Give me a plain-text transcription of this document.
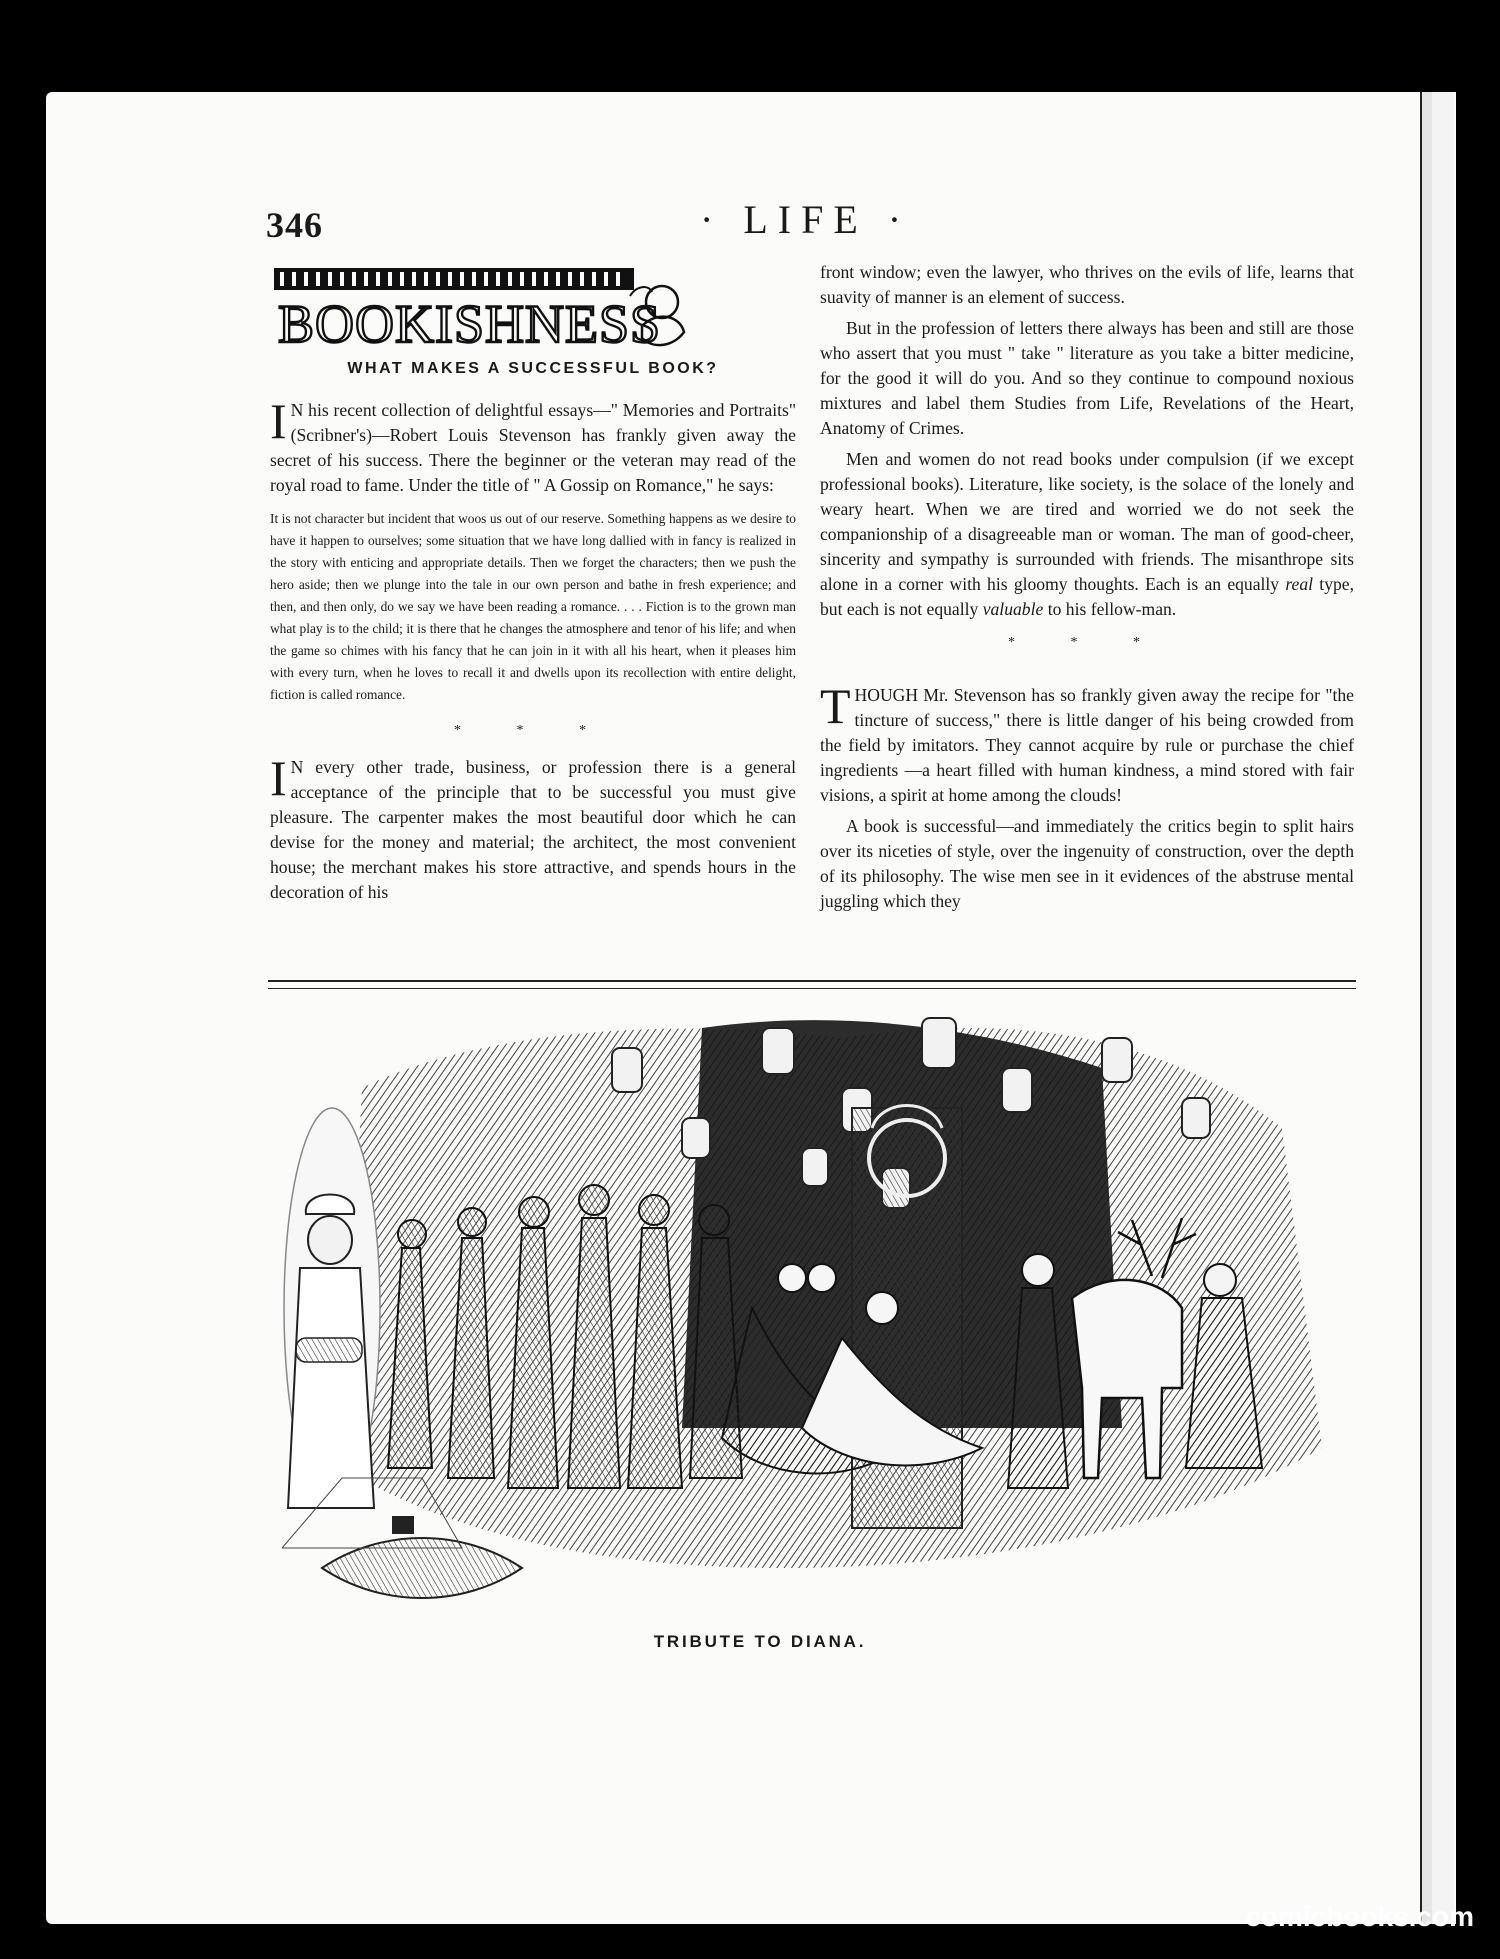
346	· LIFE ·
BOOKISHNESS
WHAT MAKES A SUCCESSFUL BOOK?

I N his recent collection of delightful essays—" Memories and Portraits" (Scribner's)—Robert Louis Stevenson has frankly given away the secret of his success. There the beginner or the veteran may read of the royal road to fame. Under the title of " A Gossip on Romance," he says:

It is not character but incident that woos us out of our reserve. Something happens as we desire to have it happen to ourselves; some situation that we have long dallied with in fancy is realized in the story with enticing and appropriate details. Then we forget the characters; then we push the hero aside; then we plunge into the tale in our own person and bathe in fresh experience; and then, and then only, do we say we have been reading a romance. . . . Fiction is to the grown man what play is to the child; it is there that he changes the atmosphere and tenor of his life; and when the game so chimes with his fancy that he can join in it with all his heart, when it pleases him with every turn, when he loves to recall it and dwells upon its recollection with entire delight, fiction is called romance.
* * *

I N every other trade, business, or profession there is a general acceptance of the principle that to be successful you must give pleasure. The carpenter makes the most beautiful door which he can devise for the money and material; the architect, the most convenient house; the merchant makes his store attractive, and spends hours in the decoration of his

front window; even the lawyer, who thrives on the evils of life, learns that suavity of manner is an element of success.

But in the profession of letters there always has been and still are those who assert that you must " take " literature as you take a bitter medicine, for the good it will do you. And so they continue to compound noxious mixtures and label them Studies from Life, Revelations of the Heart, Anatomy of Crimes.

Men and women do not read books under compulsion (if we except professional books). Literature, like society, is the solace of the lonely and weary heart. When we are tired and worried we do not seek the companionship of a disagreeable man or woman. The man of good-cheer, sincerity and sympathy is surrounded with friends. The misanthrope sits alone in a corner with his gloomy thoughts. Each is an equally real type, but each is not equally valuable to his fellow-man.

* * *

THOUGH Mr. Stevenson has so frankly given away the recipe for "the tincture of success," there is little danger of his being crowded from the field by imitators. They cannot acquire by rule or purchase the chief ingredients —a heart filled with human kindness, a mind stored with fair visions, a spirit at home among the clouds!

A book is successful—and immediately the critics begin to split hairs over its niceties of style, over the ingenuity of construction, over the depth of its philosophy. The wise men see in it evidences of the abstruse mental juggling which they

TRIBUTE TO DIANA.
comicbooks.com
